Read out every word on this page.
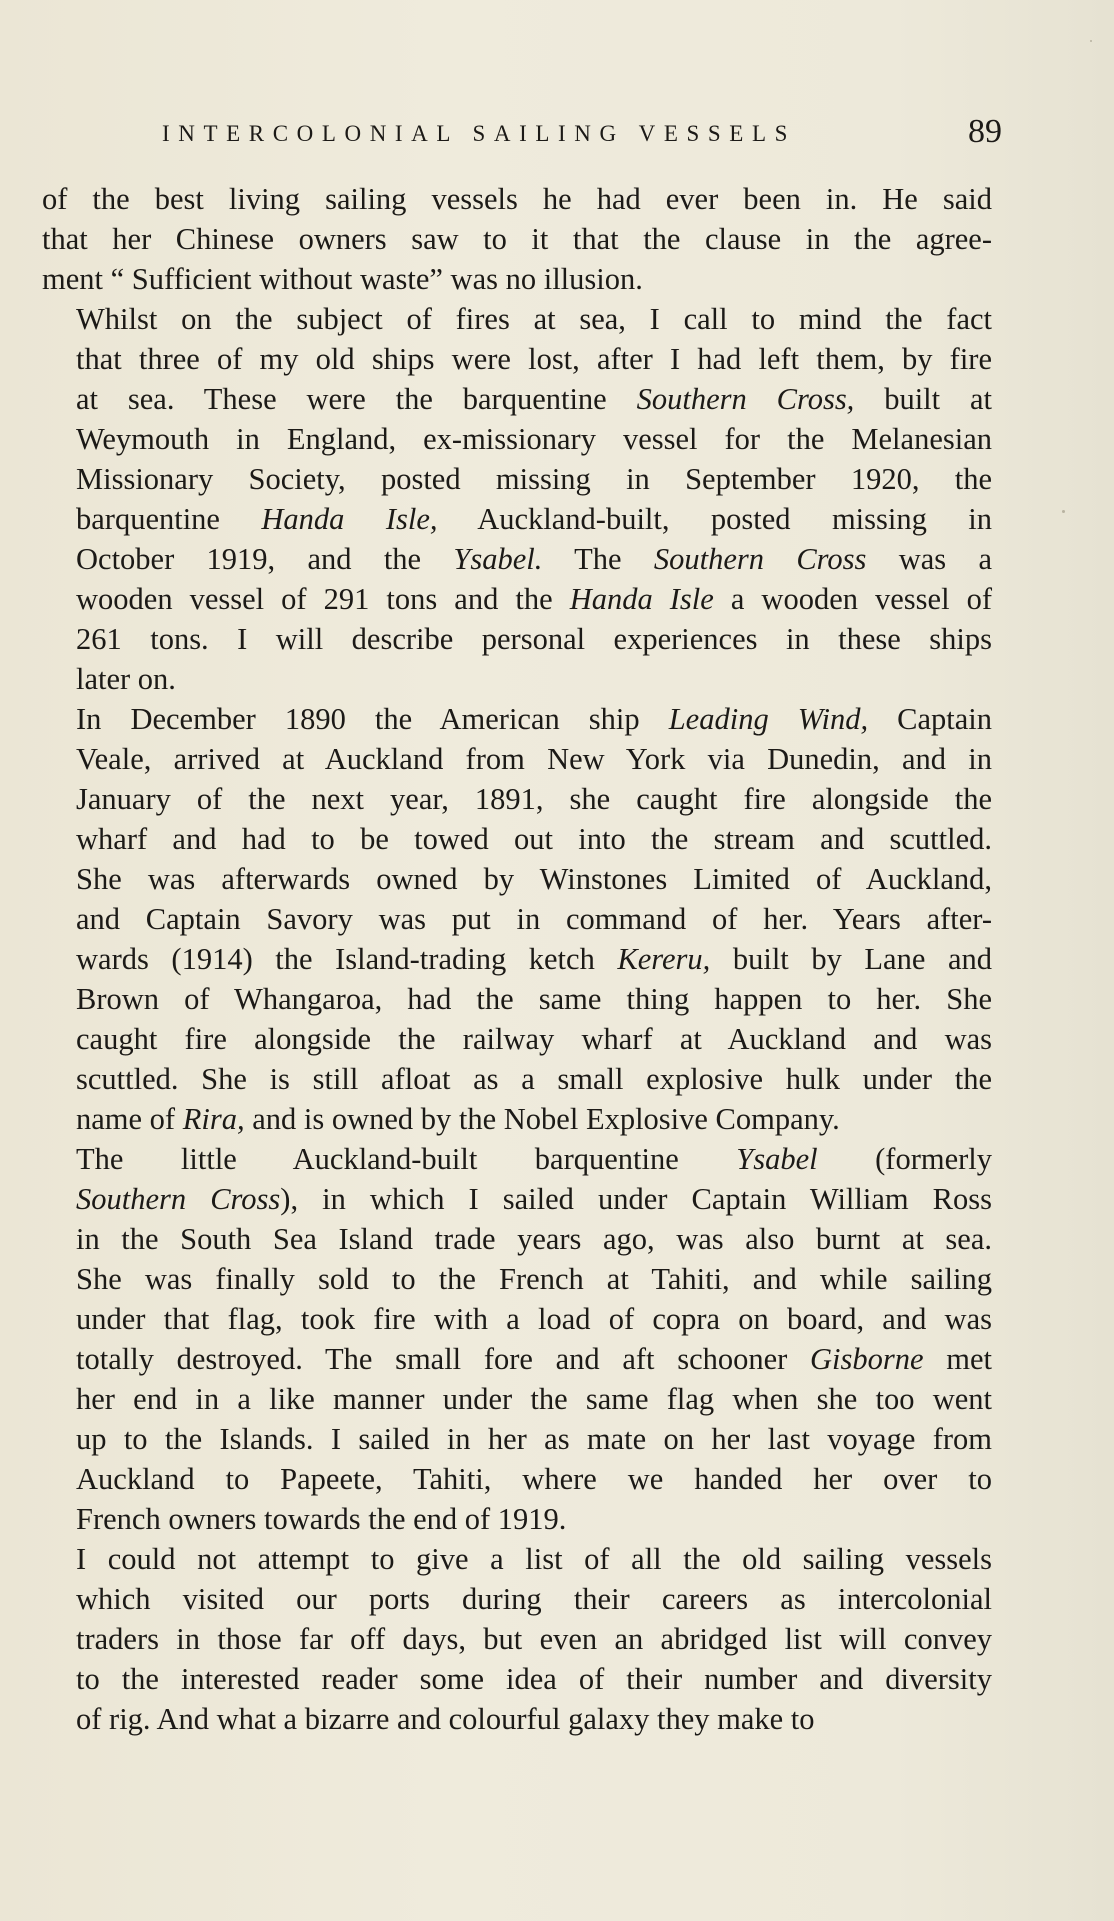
INTERCOLONIAL SAILING VESSELS	89

of the best living sailing vessels he had ever been in. He said
that her Chinese owners saw to it that the clause in the agree-
ment “ Sufficient without waste” was no illusion.

Whilst on the subject of fires at sea, I call to mind the fact
that three of my old ships were lost, after I had left them, by fire
at sea. These were the barquentine Southern Cross, built at
Weymouth in England, ex-missionary vessel for the Melanesian
Missionary Society, posted missing in September 1920, the
barquentine Handa Isle, Auckland-built, posted missing in
October 1919, and the Ysabel. The Southern Cross was a
wooden vessel of 291 tons and the Handa Isle a wooden vessel of
261 tons. I will describe personal experiences in these ships
later on.

In December 1890 the American ship Leading Wind, Captain
Veale, arrived at Auckland from New York via Dunedin, and in
January of the next year, 1891, she caught fire alongside the
wharf and had to be towed out into the stream and scuttled.
She was afterwards owned by Winstones Limited of Auckland,
and Captain Savory was put in command of her. Years after-
wards (1914) the Island-trading ketch Kereru, built by Lane and
Brown of Whangaroa, had the same thing happen to her. She
caught fire alongside the railway wharf at Auckland and was
scuttled. She is still afloat as a small explosive hulk under the
name of Rira, and is owned by the Nobel Explosive Company.

The little Auckland-built barquentine Ysabel (formerly
Southern Cross), in which I sailed under Captain William Ross
in the South Sea Island trade years ago, was also burnt at sea.
She was finally sold to the French at Tahiti, and while sailing
under that flag, took fire with a load of copra on board, and was
totally destroyed. The small fore and aft schooner Gisborne met
her end in a like manner under the same flag when she too went
up to the Islands. I sailed in her as mate on her last voyage from
Auckland to Papeete, Tahiti, where we handed her over to
French owners towards the end of 1919.

I could not attempt to give a list of all the old sailing vessels
which visited our ports during their careers as intercolonial
traders in those far off days, but even an abridged list will convey
to the interested reader some idea of their number and diversity
of rig. And what a bizarre and colourful galaxy they make to
